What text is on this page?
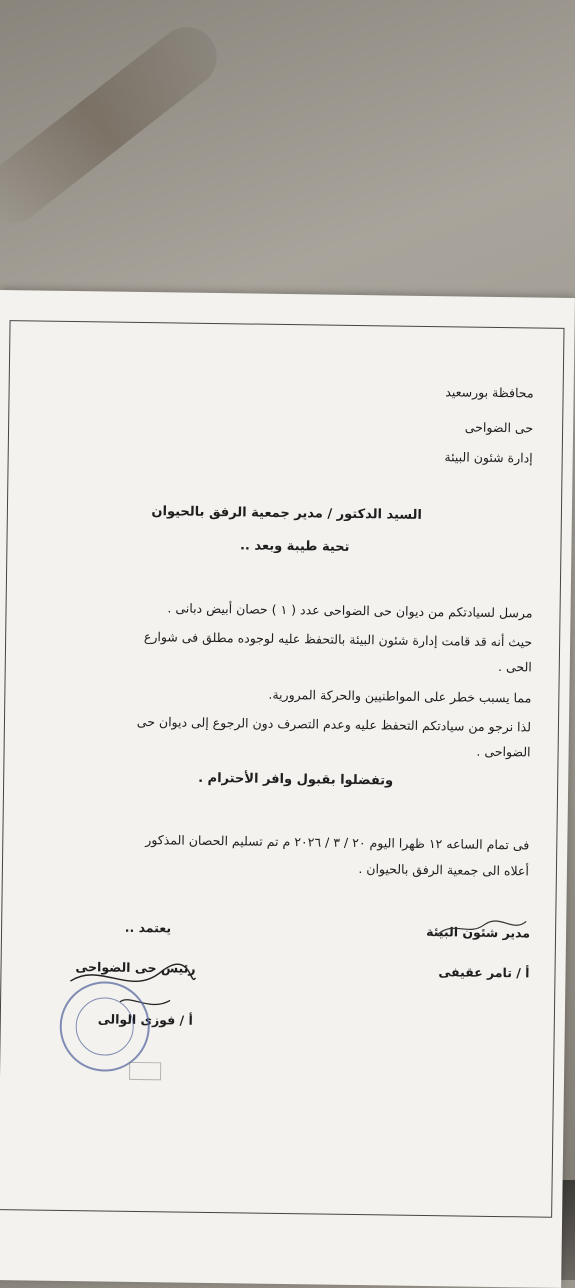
محافظة بورسعيد
حى الضواحى
إدارة شئون البيئة
السيد الدكتور / مدير جمعية الرفق بالحيوان
تحية طيبة وبعد ..
مرسل لسيادتكم من ديوان حى الضواحى عدد ( ١ ) حصان أبيض دبانى .
حيث أنه قد قامت إدارة شئون البيئة بالتحفظ عليه لوجوده مطلق فى شوارع
الحى .
مما يسبب خطر على المواطنيين والحركة المرورية.
لذا نرجو من سيادتكم التحفظ عليه وعدم التصرف دون الرجوع إلى ديوان حى
الضواحى .
وتفضلوا بقبول وافر الأحترام .
فى تمام الساعه ١٢ ظهرا اليوم ٢٠ / ٣ / ٢٠٢٦ م تم تسليم الحصان المذكور
أعلاه الى جمعية الرفق بالحيوان .
يعتمد ..	مدير شئون البيئة
أ / تامر عقيفى
رئيس حى الضواحى
أ / فوزى الوالى
